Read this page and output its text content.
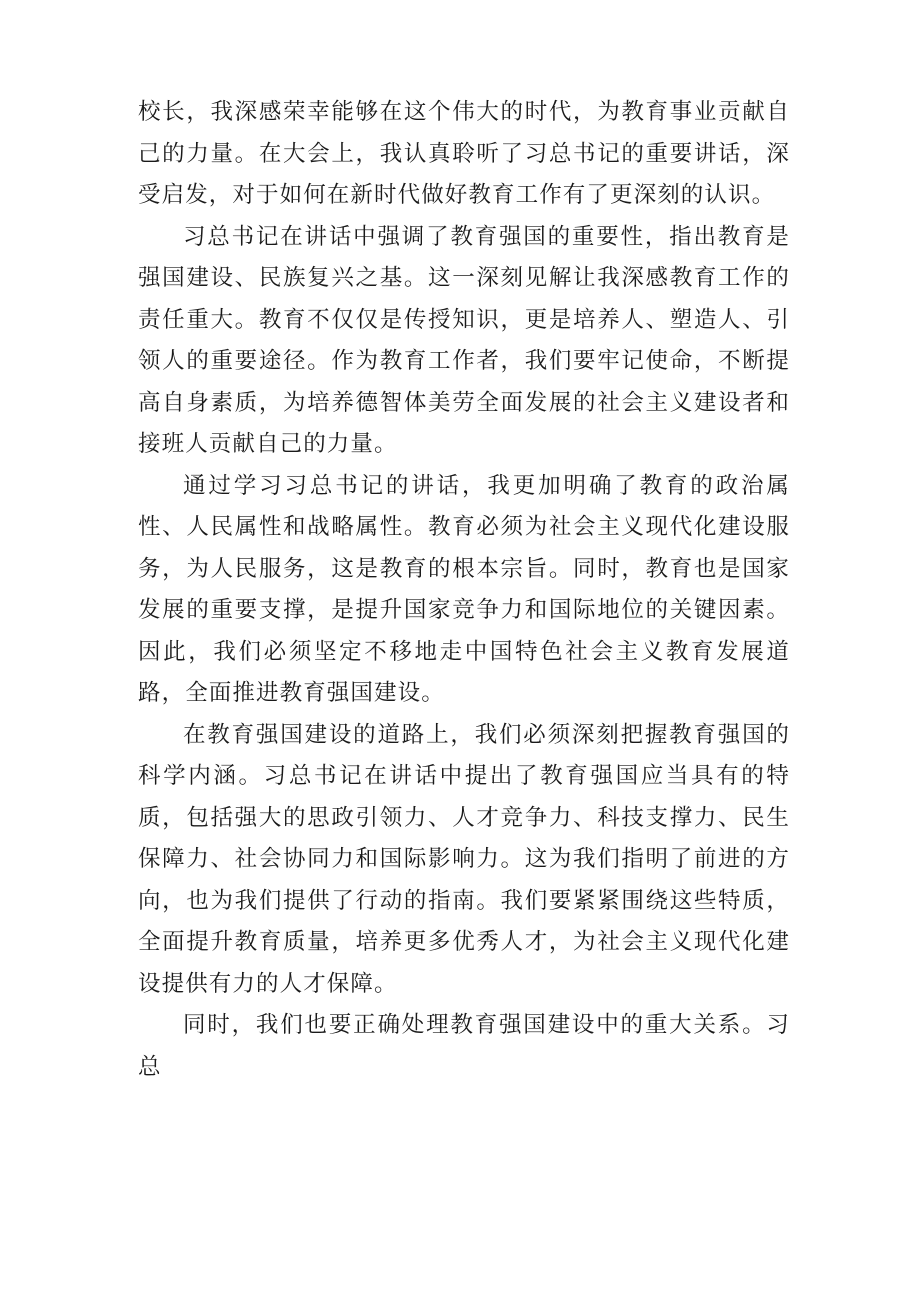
校长，我深感荣幸能够在这个伟大的时代，为教育事业贡献自己的力量。在大会上，我认真聆听了习总书记的重要讲话，深受启发，对于如何在新时代做好教育工作有了更深刻的认识。

习总书记在讲话中强调了教育强国的重要性，指出教育是强国建设、民族复兴之基。这一深刻见解让我深感教育工作的责任重大。教育不仅仅是传授知识，更是培养人、塑造人、引领人的重要途径。作为教育工作者，我们要牢记使命，不断提高自身素质，为培养德智体美劳全面发展的社会主义建设者和接班人贡献自己的力量。

通过学习习总书记的讲话，我更加明确了教育的政治属性、人民属性和战略属性。教育必须为社会主义现代化建设服务，为人民服务，这是教育的根本宗旨。同时，教育也是国家发展的重要支撑，是提升国家竞争力和国际地位的关键因素。因此，我们必须坚定不移地走中国特色社会主义教育发展道路，全面推进教育强国建设。

在教育强国建设的道路上，我们必须深刻把握教育强国的科学内涵。习总书记在讲话中提出了教育强国应当具有的特质，包括强大的思政引领力、人才竞争力、科技支撑力、民生保障力、社会协同力和国际影响力。这为我们指明了前进的方向，也为我们提供了行动的指南。我们要紧紧围绕这些特质，全面提升教育质量，培养更多优秀人才，为社会主义现代化建设提供有力的人才保障。

同时，我们也要正确处理教育强国建设中的重大关系。习总
